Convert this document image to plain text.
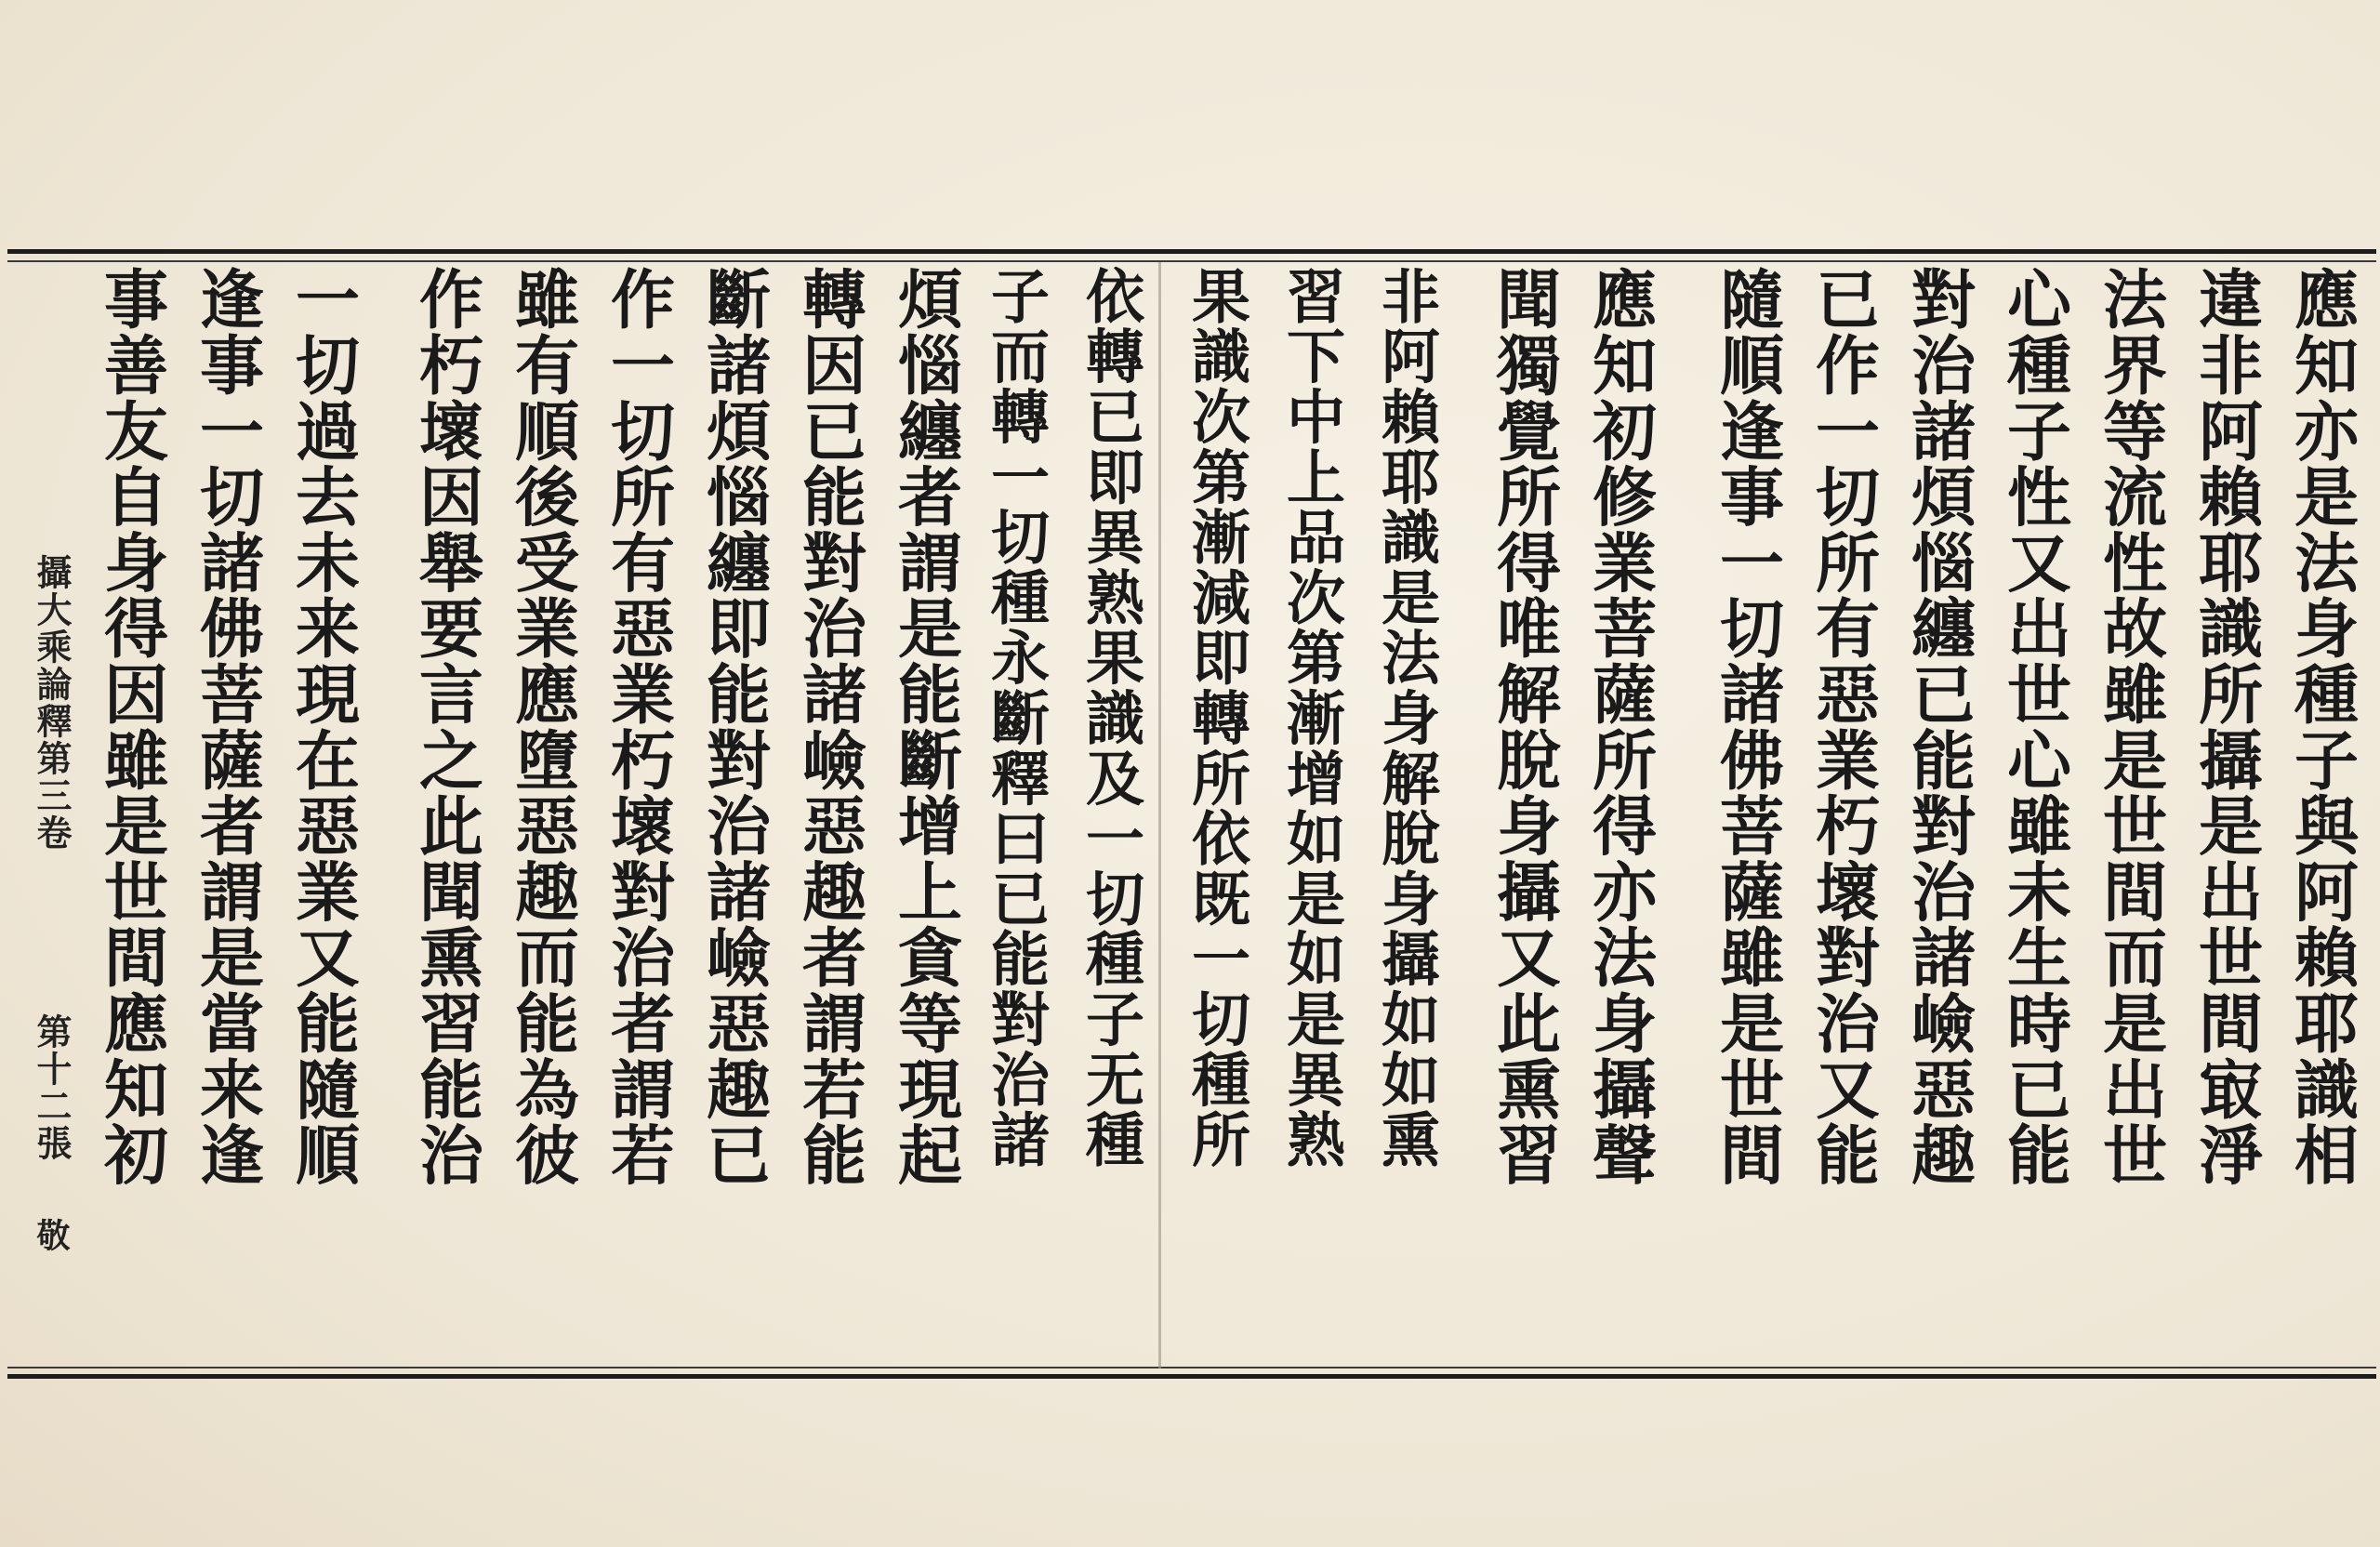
應知亦是法身種子與阿賴耶識相
違非阿賴耶識所攝是出世間㝡淨
法界等流性故雖是世間而是出世
心種子性又出世心雖未生時已能
對治諸煩惱纏已能對治諸嶮惡趣
已作一切所有惡業朽壞對治又能
隨順逢事一切諸佛菩薩雖是世間
應知初修業菩薩所得亦法身攝聲
聞獨覺所得唯解脫身攝又此熏習
非阿賴耶識是法身解脫身攝如如熏
習下中上品次第漸增如是如是異熟
果識次第漸減即轉所依既一切種所
依轉已即異熟果識及一切種子无種
子而轉一切種永斷釋曰已能對治諸
煩惱纏者謂是能斷增上貪等現起
轉因已能對治諸嶮惡趣者謂若能
斷諸煩惱纏即能對治諸嶮惡趣已
作一切所有惡業朽壞對治者謂若
雖有順後受業應墮惡趣而能為彼
作朽壞因舉要言之此聞熏習能治
一切過去未来現在惡業又能隨順
逢事一切諸佛菩薩者謂是當来逢
事善友自身得因雖是世間應知初
攝大乘論釋第三卷
第十二張
敬
